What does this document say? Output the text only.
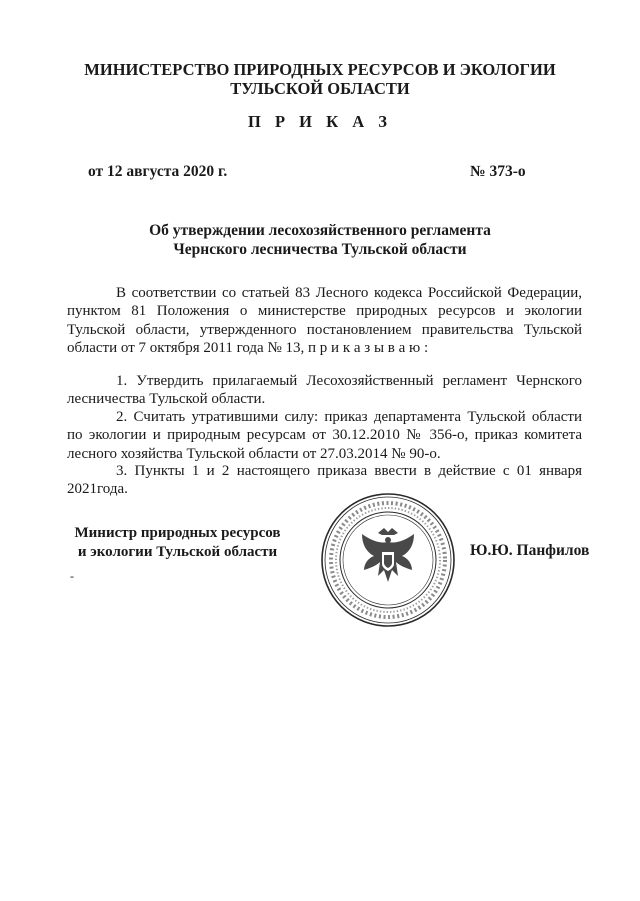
МИНИСТЕРСТВО ПРИРОДНЫХ РЕСУРСОВ И ЭКОЛОГИИ
ТУЛЬСКОЙ ОБЛАСТИ
П Р И К А З
от 12 августа 2020 г.	№ 373-о
Об утверждении лесохозяйственного регламента
Чернского лесничества Тульской области

В соответствии со статьей 83 Лесного кодекса Российской Федерации, пунктом 81 Положения о министерстве природных ресурсов и экологии Тульской области, утвержденного постановлением правительства Тульской области от 7 октября 2011 года № 13, п р и к а з ы в а ю :

1. Утвердить прилагаемый Лесохозяйственный регламент Чернского лесничества Тульской области.

2. Считать утратившими силу: приказ департамента Тульской области по экологии и природным ресурсам от 30.12.2010 № 356-о, приказ комитета лесного хозяйства Тульской области от 27.03.2014 № 90-о.

3. Пункты 1 и 2 настоящего приказа ввести в действие с 01 января 2021года.

Министр природных ресурсов
и экологии Тульской области
-
Ю.Ю. Панфилов
